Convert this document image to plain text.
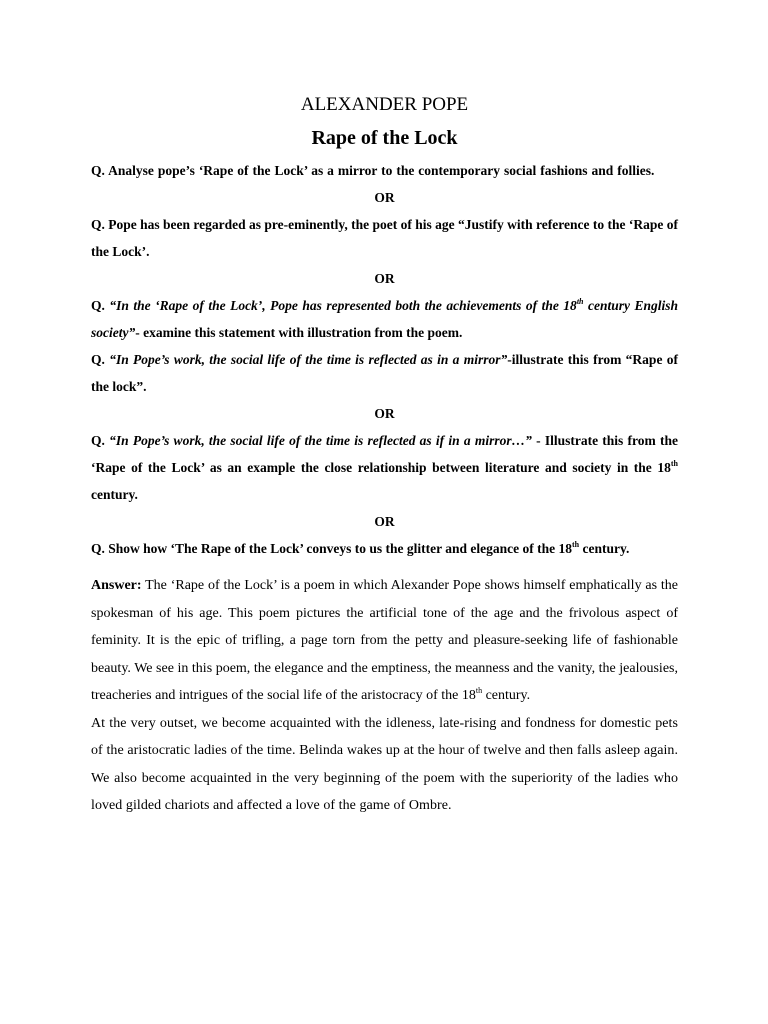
ALEXANDER POPE
Rape of the Lock

Q. Analyse pope’s ‘Rape of the Lock’ as a mirror to the contemporary social fashions and follies.

OR

Q. Pope has been regarded as pre-eminently, the poet of his age “Justify with reference to the ‘Rape of the Lock’.

OR

Q. “In the ‘Rape of the Lock’, Pope has represented both the achievements of the 18th century English society”- examine this statement with illustration from the poem.

Q. “In Pope’s work, the social life of the time is reflected as in a mirror”-illustrate this from “Rape of the lock”.

OR

Q. “In Pope’s work, the social life of the time is reflected as if in a mirror…” - Illustrate this from the ‘Rape of the Lock’ as an example the close relationship between literature and society in the 18th century.

OR

Q. Show how ‘The Rape of the Lock’ conveys to us the glitter and elegance of the 18th century.

Answer: The ‘Rape of the Lock’ is a poem in which Alexander Pope shows himself emphatically as the spokesman of his age. This poem pictures the artificial tone of the age and the frivolous aspect of feminity. It is the epic of trifling, a page torn from the petty and pleasure-seeking life of fashionable beauty. We see in this poem, the elegance and the emptiness, the meanness and the vanity, the jealousies, treacheries and intrigues of the social life of the aristocracy of the 18th century.

At the very outset, we become acquainted with the idleness, late-rising and fondness for domestic pets of the aristocratic ladies of the time. Belinda wakes up at the hour of twelve and then falls asleep again. We also become acquainted in the very beginning of the poem with the superiority of the ladies who loved gilded chariots and affected a love of the game of Ombre.
